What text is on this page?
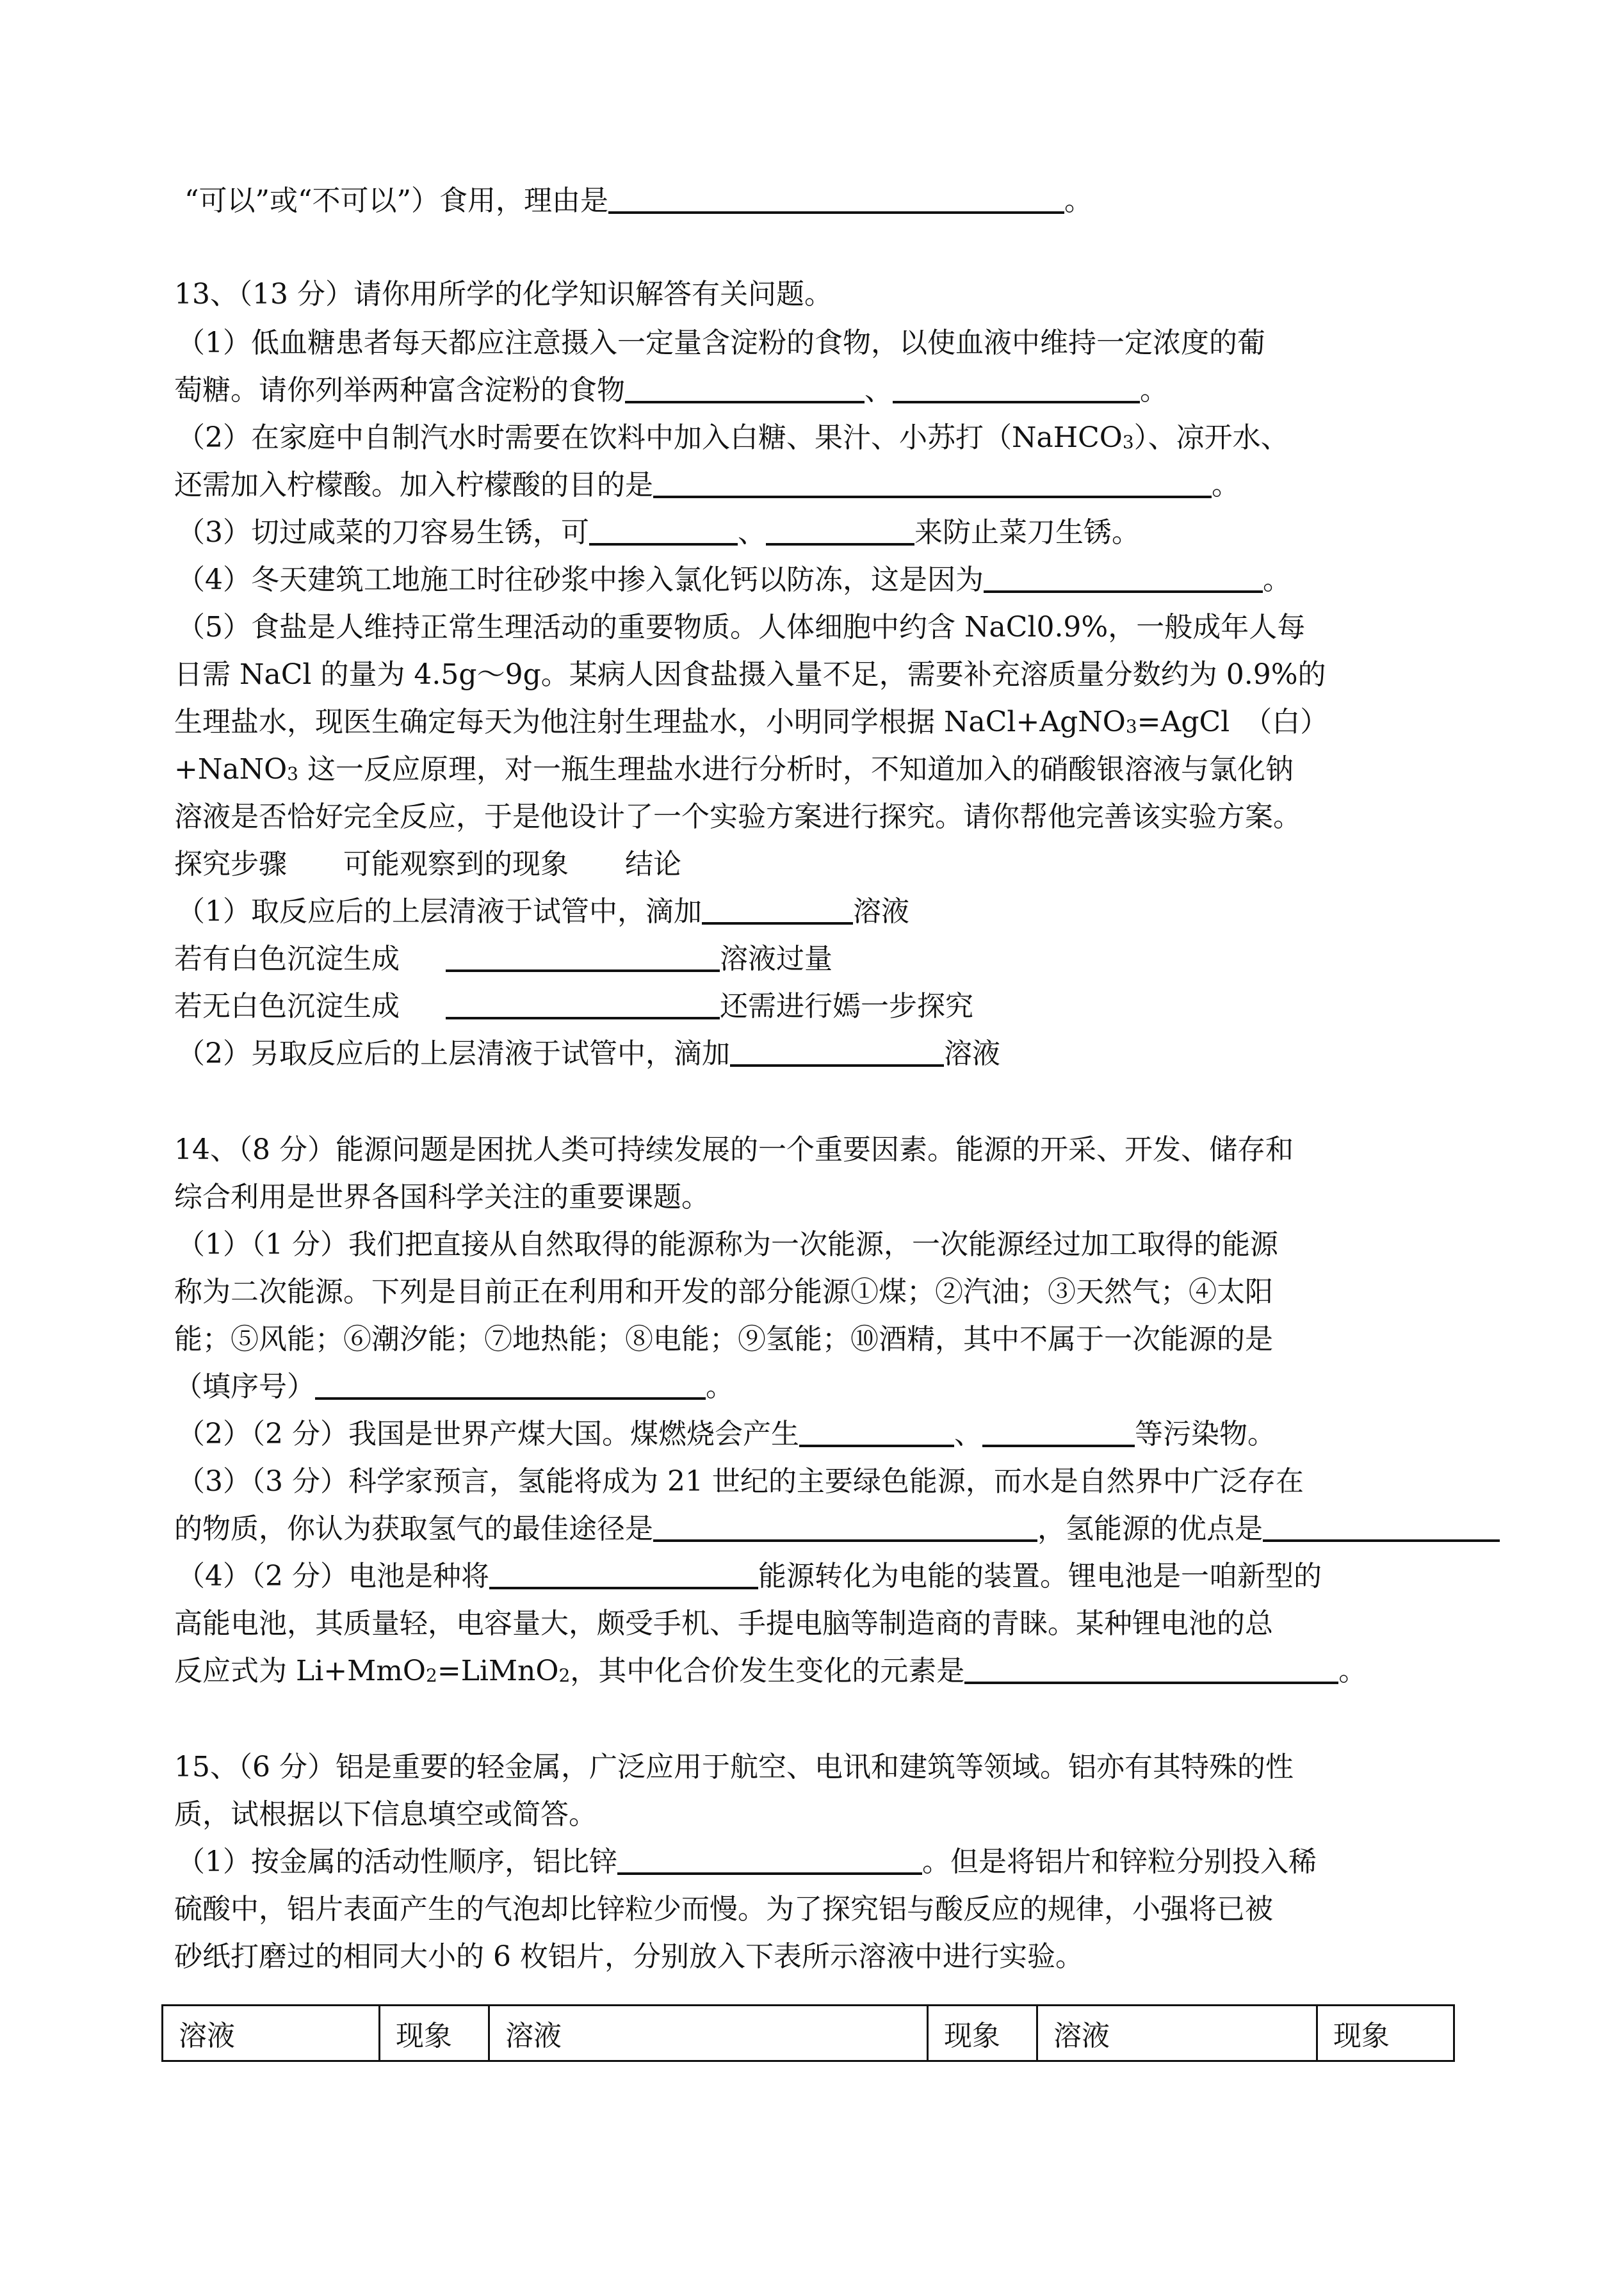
“可以”或“不可以”）食用，理由是	。
13、（13 分）请你用所学的化学知识解答有关问题。
（1）低血糖患者每天都应注意摄入一定量含淀粉的食物，以使血液中维持一定浓度的葡
萄糖。请你列举两种富含淀粉的食物	、	。
（2）在家庭中自制汽水时需要在饮料中加入白糖、果汁、小苏打（NaHCO$_3$）、凉开水、
还需加入柠檬酸。加入柠檬酸的目的是	。
（3）切过咸菜的刀容易生锈，可	、	来防止菜刀生锈。
（4）冬天建筑工地施工时往砂浆中掺入氯化钙以防冻，这是因为	。
（5）食盐是人维持正常生理活动的重要物质。人体细胞中约含 NaCl0.9%，一般成年人每
日需 NaCl 的量为 4.5g～9g。某病人因食盐摄入量不足，需要补充溶质量分数约为 0.9%的
生理盐水，现医生确定每天为他注射生理盐水，小明同学根据 NaCl+AgNO$_3$=AgCl　（白）
+NaNO$_3$ 这一反应原理，对一瓶生理盐水进行分析时，不知道加入的硝酸银溶液与氯化钠
溶液是否恰好完全反应，于是他设计了一个实验方案进行探究。请你帮他完善该实验方案。
探究步骤　　可能观察到的现象　　结论
（1）取反应后的上层清液于试管中，滴加	溶液
若有白色沉淀生成	溶液过量
若无白色沉淀生成	还需进行嫣一步探究
（2）另取反应后的上层清液于试管中，滴加	溶液
14、（8 分）能源问题是困扰人类可持续发展的一个重要因素。能源的开采、开发、储存和
综合利用是世界各国科学关注的重要课题。
（1）（1 分）我们把直接从自然取得的能源称为一次能源，一次能源经过加工取得的能源
称为二次能源。下列是目前正在利用和开发的部分能源①煤；②汽油；③天然气；④太阳
能；⑤风能；⑥潮汐能；⑦地热能；⑧电能；⑨氢能；⑩酒精，其中不属于一次能源的是
（填序号）	。
（2）（2 分）我国是世界产煤大国。煤燃烧会产生	、	等污染物。
（3）（3 分）科学家预言，氢能将成为 21 世纪的主要绿色能源，而水是自然界中广泛存在
的物质，你认为获取氢气的最佳途径是	，氢能源的优点是
（4）（2 分）电池是种将	能源转化为电能的装置。锂电池是一咱新型的
高能电池，其质量轻，电容量大，颇受手机、手提电脑等制造商的青睐。某种锂电池的总
反应式为 Li+MmO$_2$=LiMnO$_2$，其中化合价发生变化的元素是	。
15、（6 分）铝是重要的轻金属，广泛应用于航空、电讯和建筑等领域。铝亦有其特殊的性
质，试根据以下信息填空或简答。
（1）按金属的活动性顺序，铝比锌	。但是将铝片和锌粒分别投入稀
硫酸中，铝片表面产生的气泡却比锌粒少而慢。为了探究铝与酸反应的规律，小强将已被
砂纸打磨过的相同大小的 6 枚铝片，分别放入下表所示溶液中进行实验。
溶液	现象	溶液	现象	溶液	现象
